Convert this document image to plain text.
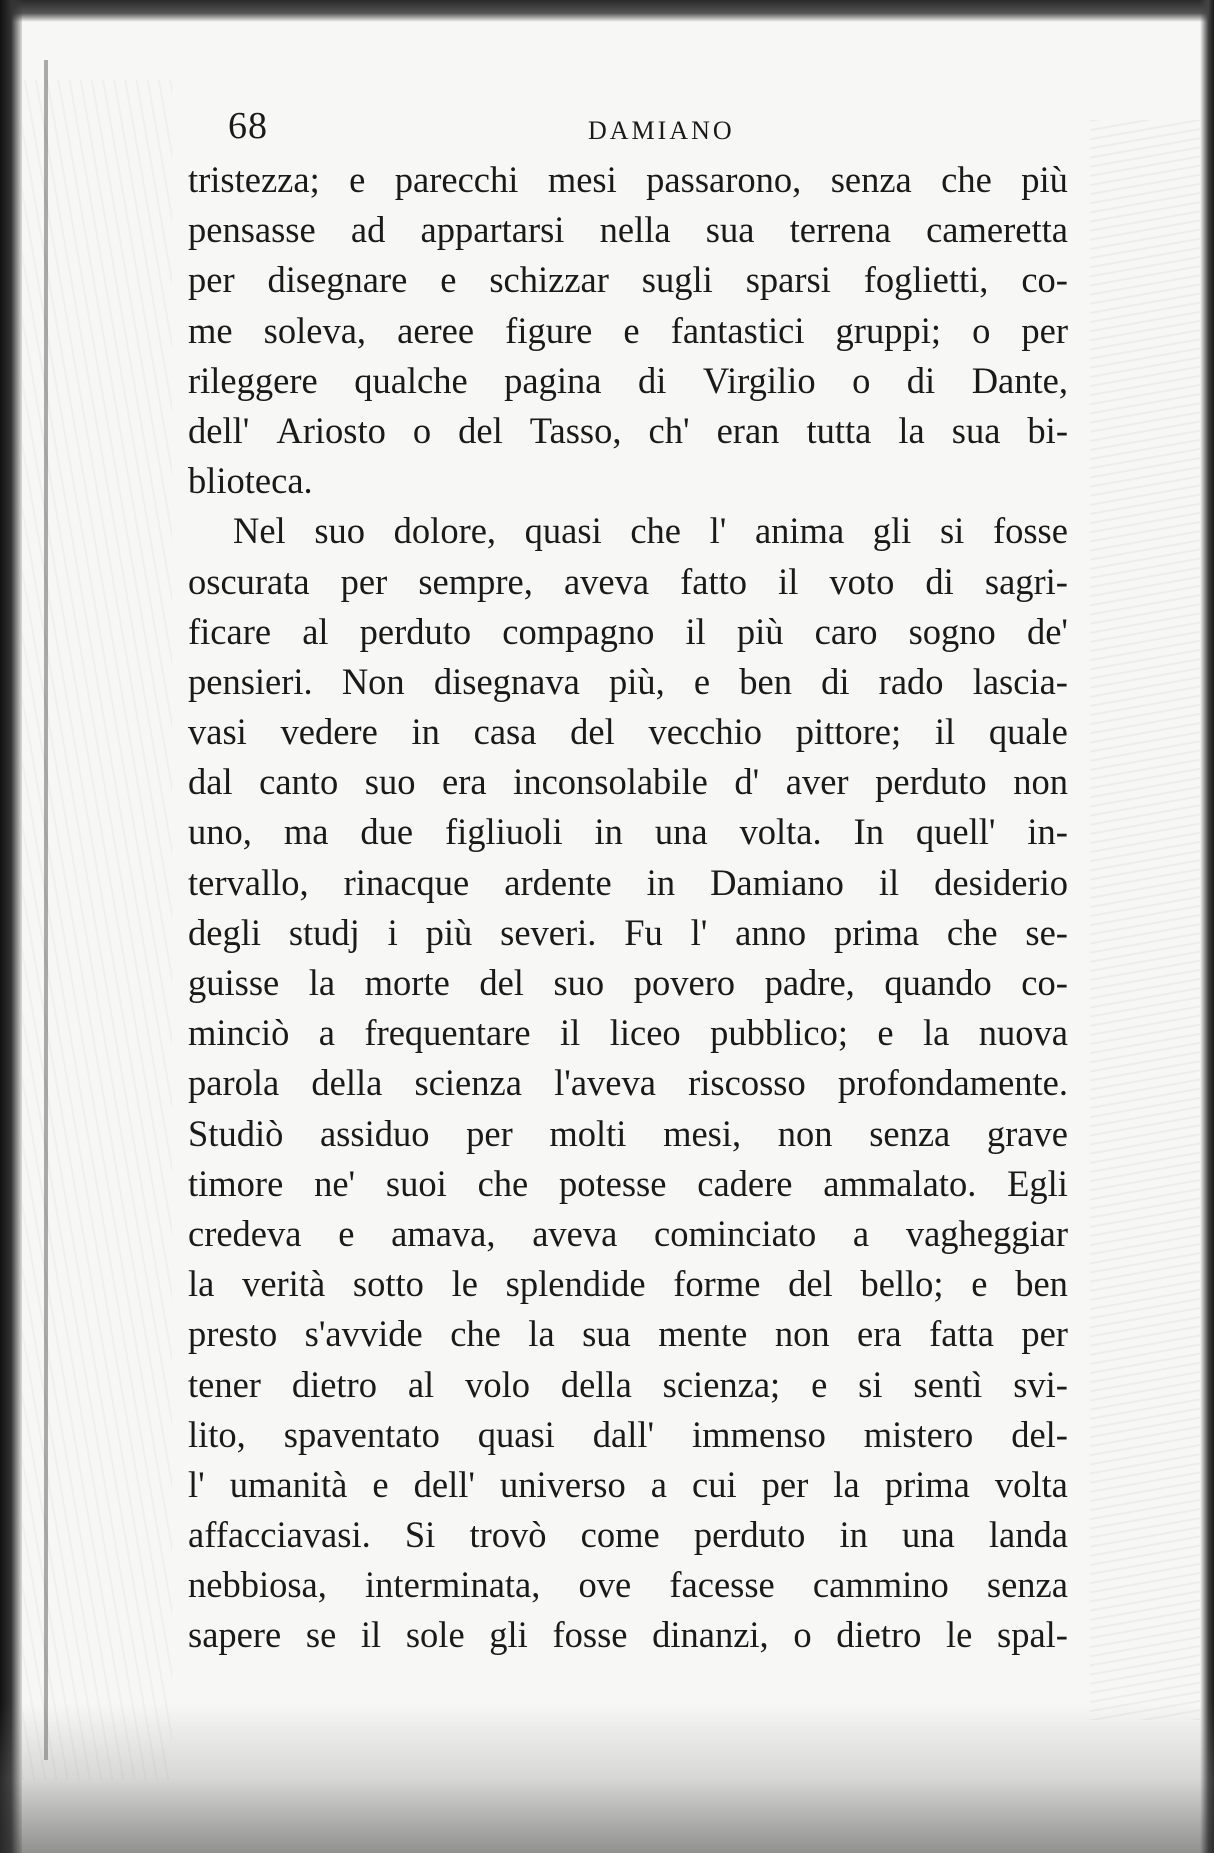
68	DAMIANO
tristezza; e parecchi mesi passarono, senza che più
pensasse ad appartarsi nella sua terrena cameretta
per disegnare e schizzar sugli sparsi foglietti, co-
me soleva, aeree figure e fantastici gruppi; o per
rileggere qualche pagina di Virgilio o di Dante,
dell' Ariosto o del Tasso, ch' eran tutta la sua bi-
blioteca.
Nel suo dolore, quasi che l' anima gli si fosse
oscurata per sempre, aveva fatto il voto di sagri-
ficare al perduto compagno il più caro sogno de'
pensieri. Non disegnava più, e ben di rado lascia-
vasi vedere in casa del vecchio pittore; il quale
dal canto suo era inconsolabile d' aver perduto non
uno, ma due figliuoli in una volta. In quell' in-
tervallo, rinacque ardente in Damiano il desiderio
degli studj i più severi. Fu l' anno prima che se-
guisse la morte del suo povero padre, quando co-
minciò a frequentare il liceo pubblico; e la nuova
parola della scienza l'aveva riscosso profondamente.
Studiò assiduo per molti mesi, non senza grave
timore ne' suoi che potesse cadere ammalato. Egli
credeva e amava, aveva cominciato a vagheggiar
la verità sotto le splendide forme del bello; e ben
presto s'avvide che la sua mente non era fatta per
tener dietro al volo della scienza; e si sentì svi-
lito, spaventato quasi dall' immenso mistero del-
l' umanità e dell' universo a cui per la prima volta
affacciavasi. Si trovò come perduto in una landa
nebbiosa, interminata, ove facesse cammino senza
sapere se il sole gli fosse dinanzi, o dietro le spal-
